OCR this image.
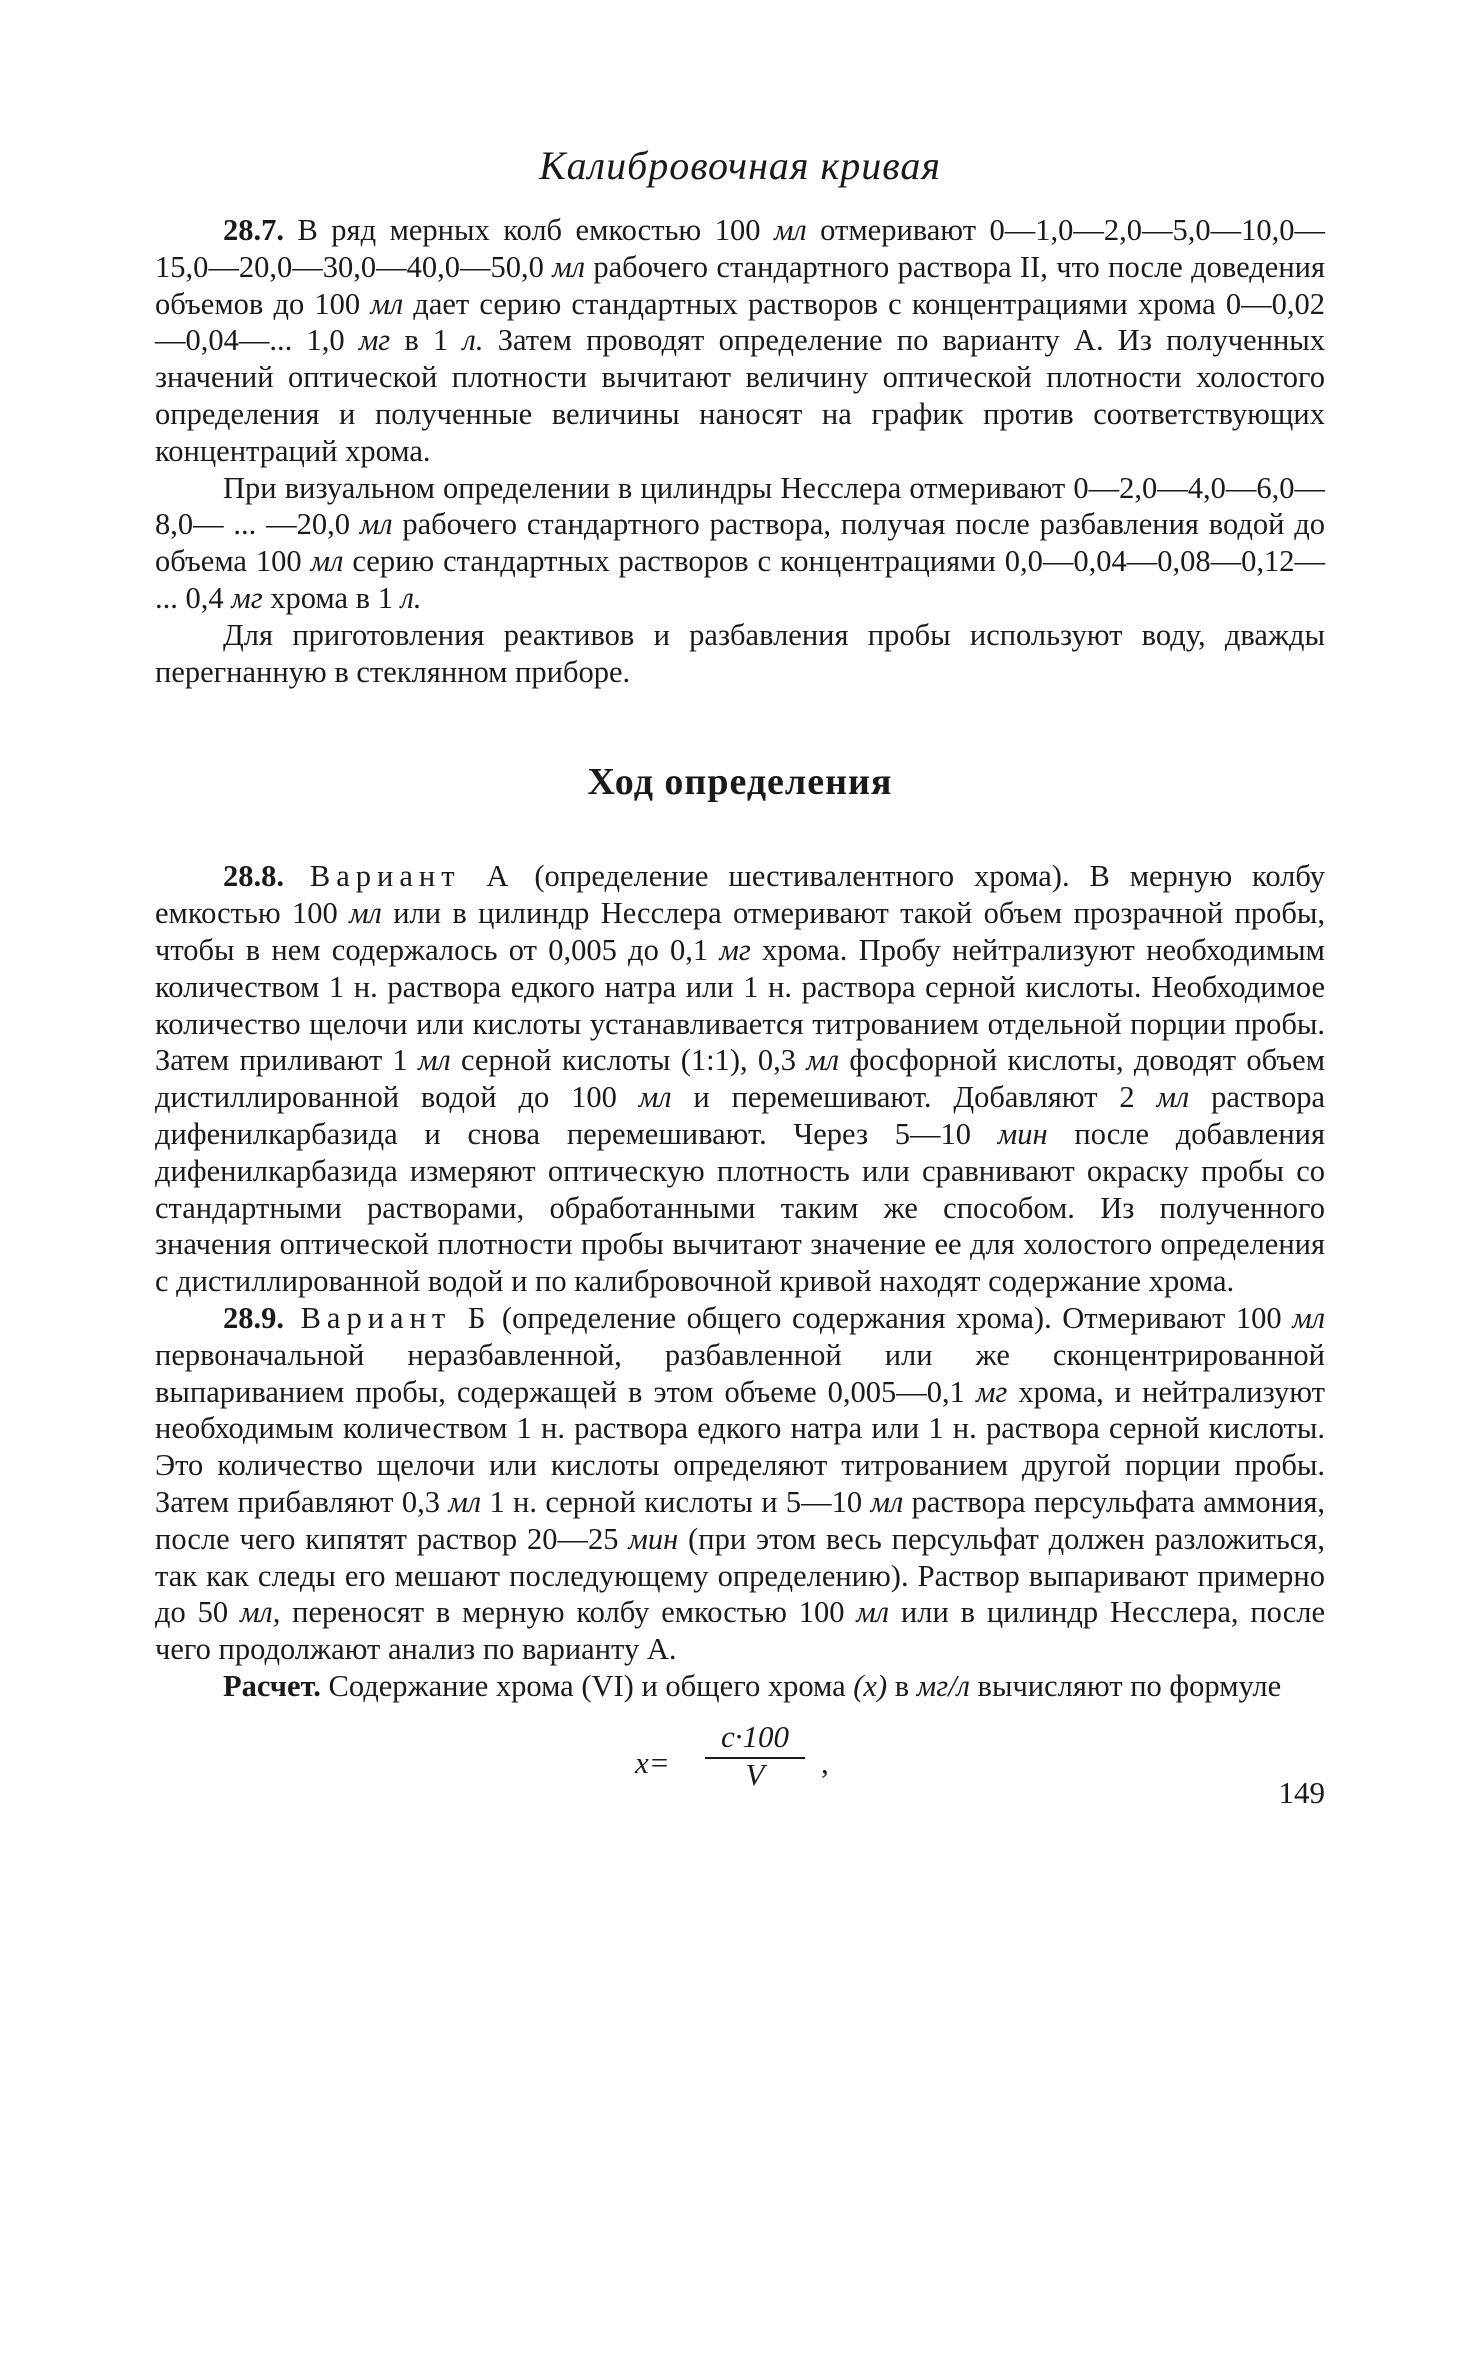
Калибровочная кривая

28.7. В ряд мерных колб емкостью 100 мл отмеривают 0—1,0—2,0—5,0—10,0—15,0—20,0—30,0—40,0—50,0 мл рабочего стандартного раствора II, что после доведения объемов до 100 мл дает серию стандартных растворов с концентрациями хрома 0—0,02—0,04—... 1,0 мг в 1 л. Затем проводят определение по варианту А. Из полученных значений оптической плотности вычитают величину оптической плотности холостого определения и полученные величины наносят на график против соответствующих концентраций хрома.

При визуальном определении в цилиндры Несслера отмеривают 0—2,0—4,0—6,0—8,0— ... —20,0 мл рабочего стандартного раствора, получая после разбавления водой до объема 100 мл серию стандартных растворов с концентрациями 0,0—0,04—0,08—0,12— ... 0,4 мг хрома в 1 л.

Для приготовления реактивов и разбавления пробы используют воду, дважды перегнанную в стеклянном приборе.

Ход определения

28.8. Вариант А (определение шестивалентного хрома). В мерную колбу емкостью 100 мл или в цилиндр Несслера отмеривают такой объем прозрачной пробы, чтобы в нем содержалось от 0,005 до 0,1 мг хрома. Пробу нейтрализуют необходимым количеством 1 н. раствора едкого натра или 1 н. раствора серной кислоты. Необходимое количество щелочи или кислоты устанавливается титрованием отдельной порции пробы. Затем приливают 1 мл серной кислоты (1:1), 0,3 мл фосфорной кислоты, доводят объем дистиллированной водой до 100 мл и перемешивают. Добавляют 2 мл раствора дифенилкарбазида и снова перемешивают. Через 5—10 мин после добавления дифенилкарбазида измеряют оптическую плотность или сравнивают окраску пробы со стандартными растворами, обработанными таким же способом. Из полученного значения оптической плотности пробы вычитают значение ее для холостого определения с дистиллированной водой и по калибровочной кривой находят содержание хрома.

28.9. Вариант Б (определение общего содержания хрома). Отмеривают 100 мл первоначальной неразбавленной, разбавленной или же сконцентрированной выпариванием пробы, содержащей в этом объеме 0,005—0,1 мг хрома, и нейтрализуют необходимым количеством 1 н. раствора едкого натра или 1 н. раствора серной кислоты. Это количество щелочи или кислоты определяют титрованием другой порции пробы. Затем прибавляют 0,3 мл 1 н. серной кислоты и 5—10 мл раствора персульфата аммония, после чего кипятят раствор 20—25 мин (при этом весь персульфат должен разложиться, так как следы его мешают последующему определению). Раствор выпаривают примерно до 50 мл, переносят в мерную колбу емкостью 100 мл или в цилиндр Несслера, после чего продолжают анализ по варианту А.

Расчет. Содержание хрома (VI) и общего хрома (x) в мг/л вычисляют по формуле

$x= \frac{c\cdot 100}{V}$ ,
149
